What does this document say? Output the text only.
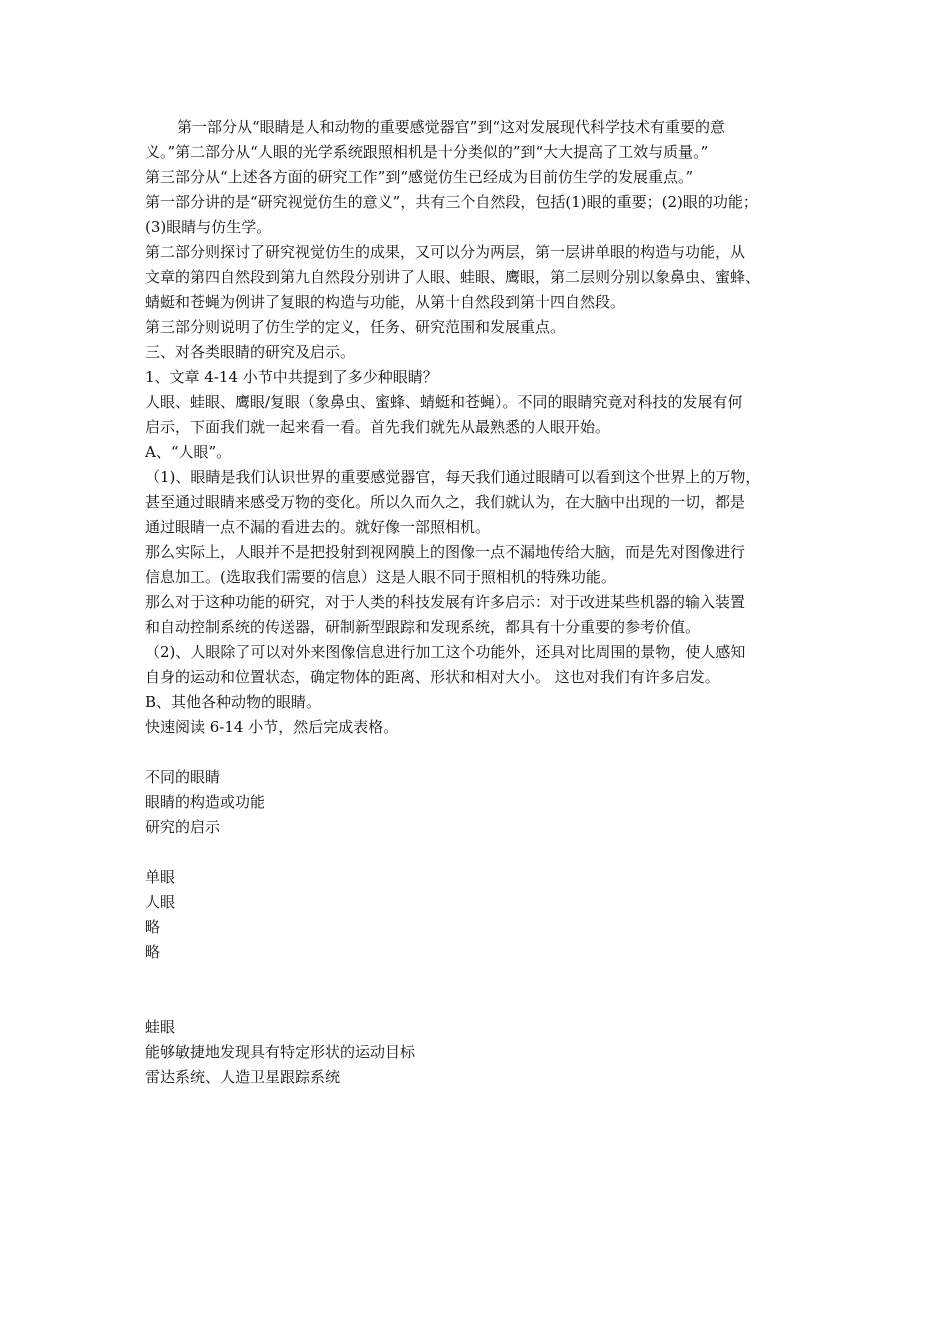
第一部分从“眼睛是人和动物的重要感觉器官”到“这对发展现代科学技术有重要的意
义。”第二部分从“人眼的光学系统跟照相机是十分类似的”到“大大提高了工效与质量。”
第三部分从“上述各方面的研究工作”到“感觉仿生已经成为目前仿生学的发展重点。”
第一部分讲的是“研究视觉仿生的意义”，共有三个自然段，包括(1)眼的重要；(2)眼的功能；
(3)眼睛与仿生学。
第二部分则探讨了研究视觉仿生的成果，又可以分为两层，第一层讲单眼的构造与功能，从
文章的第四自然段到第九自然段分别讲了人眼、蛙眼、鹰眼，第二层则分别以象鼻虫、蜜蜂、
蜻蜓和苍蝇为例讲了复眼的构造与功能，从第十自然段到第十四自然段。
第三部分则说明了仿生学的定义，任务、研究范围和发展重点。
三、对各类眼睛的研究及启示。
1、文章 4-14 小节中共提到了多少种眼睛？
人眼、蛙眼、鹰眼/复眼（象鼻虫、蜜蜂、蜻蜓和苍蝇）。不同的眼睛究竟对科技的发展有何
启示，下面我们就一起来看一看。首先我们就先从最熟悉的人眼开始。
A、“人眼”。
（1)、眼睛是我们认识世界的重要感觉器官，每天我们通过眼睛可以看到这个世界上的万物，
甚至通过眼睛来感受万物的变化。所以久而久之，我们就认为，在大脑中出现的一切，都是
通过眼睛一点不漏的看进去的。就好像一部照相机。
那么实际上，人眼并不是把投射到视网膜上的图像一点不漏地传给大脑，而是先对图像进行
信息加工。(选取我们需要的信息）这是人眼不同于照相机的特殊功能。
那么对于这种功能的研究，对于人类的科技发展有许多启示：对于改进某些机器的输入装置
和自动控制系统的传送器，研制新型跟踪和发现系统，都具有十分重要的参考价值。
（2)、人眼除了可以对外来图像信息进行加工这个功能外，还具对比周围的景物，使人感知
自身的运动和位置状态，确定物体的距离、形状和相对大小。 这也对我们有许多启发。
B、其他各种动物的眼睛。
快速阅读 6-14 小节，然后完成表格。
不同的眼睛
眼睛的构造或功能
研究的启示
单眼
人眼
略
略
蛙眼
能够敏捷地发现具有特定形状的运动目标
雷达系统、人造卫星跟踪系统
